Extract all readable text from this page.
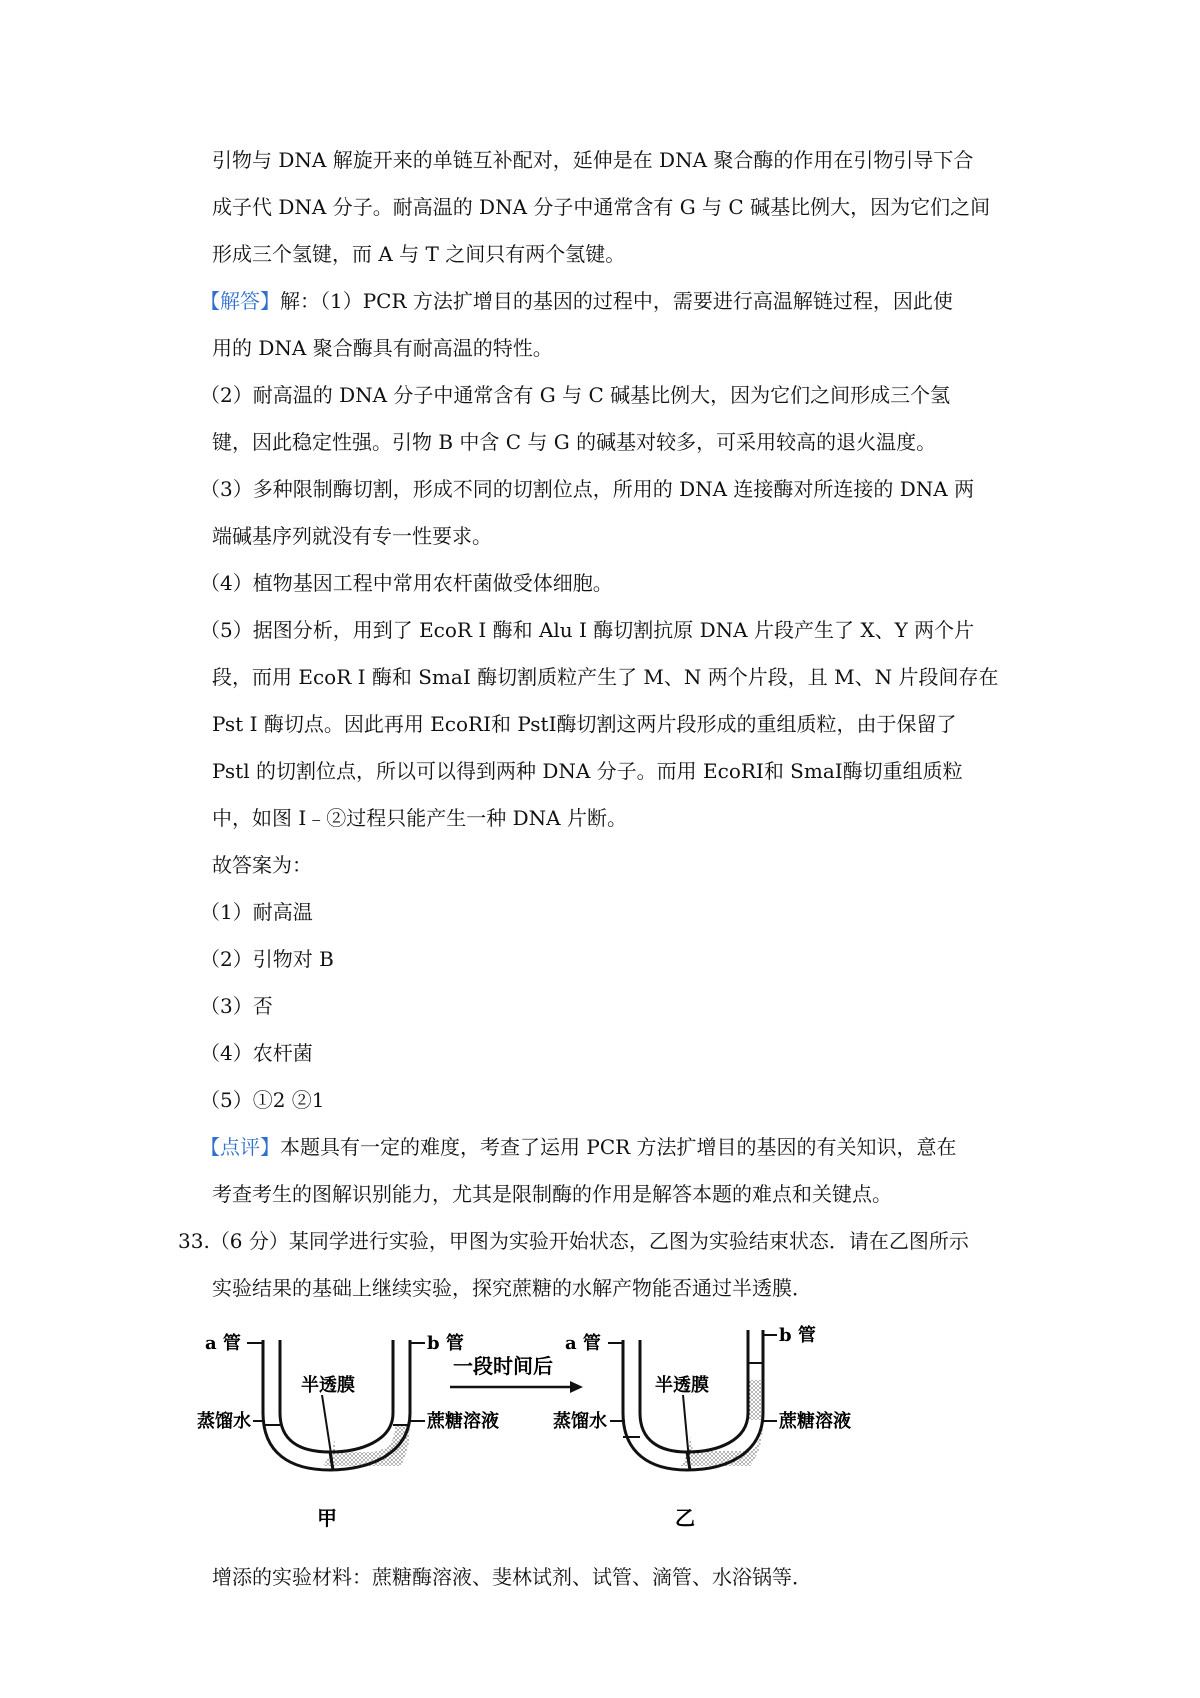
引物与 DNA 解旋开来的单链互补配对，延伸是在 DNA 聚合酶的作用在引物引导下合
成子代 DNA 分子。耐高温的 DNA 分子中通常含有 G 与 C 碱基比例大，因为它们之间
形成三个氢键，而 A 与 T 之间只有两个氢键。
【解答】解：（1）PCR 方法扩增目的基因的过程中，需要进行高温解链过程，因此使
用的 DNA 聚合酶具有耐高温的特性。
（2）耐高温的 DNA 分子中通常含有 G 与 C 碱基比例大，因为它们之间形成三个氢
键，因此稳定性强。引物 B 中含 C 与 G 的碱基对较多，可采用较高的退火温度。
（3）多种限制酶切割，形成不同的切割位点，所用的 DNA 连接酶对所连接的 DNA 两
端碱基序列就没有专一性要求。
（4）植物基因工程中常用农杆菌做受体细胞。
（5）据图分析，用到了 EcoR I 酶和 Alu I 酶切割抗原 DNA 片段产生了 X、Y 两个片
段，而用 EcoR I 酶和 SmaI 酶切割质粒产生了 M、N 两个片段，且 M、N 片段间存在
Pst I 酶切点。因此再用 EcoRⅠ和 PstⅠ酶切割这两片段形成的重组质粒，由于保留了
Pstl 的切割位点，所以可以得到两种 DNA 分子。而用 EcoRⅠ和 SmaⅠ酶切重组质粒
中，如图 I﹣②过程只能产生一种 DNA 片断。
故答案为：
（1）耐高温
（2）引物对 B
（3）否
（4）农杆菌
（5）①2 ②1
【点评】本题具有一定的难度，考查了运用 PCR 方法扩增目的基因的有关知识，意在
考查考生的图解识别能力，尤其是限制酶的作用是解答本题的难点和关键点。
33.（6 分）某同学进行实验，甲图为实验开始状态，乙图为实验结束状态．请在乙图所示
实验结果的基础上继续实验，探究蔗糖的水解产物能否通过半透膜．
a 管	b 管
半透膜
蒸馏水	蔗糖溶液
甲
一段时间后
a 管	b 管
半透膜
蒸馏水	蔗糖溶液
乙
增添的实验材料：蔗糖酶溶液、斐林试剂、试管、滴管、水浴锅等．
